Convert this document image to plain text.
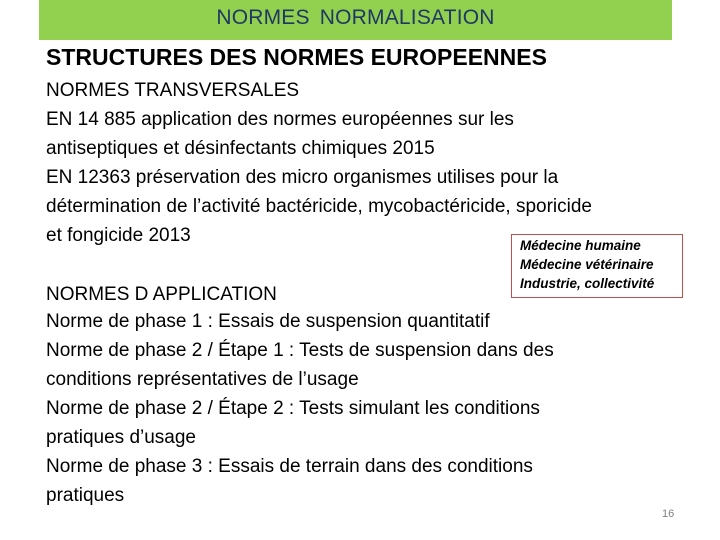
NORMES NORMALISATION
STRUCTURES DES NORMES EUROPEENNES
NORMES TRANSVERSALES
EN 14 885 application des normes européennes sur les
antiseptiques et désinfectants chimiques 2015
EN 12363 préservation des micro organismes utilises pour la
détermination de l’activité bactéricide, mycobactéricide, sporicide
et fongicide 2013	Médecine humaine
Médecine vétérinaire
Industrie, collectivité
NORMES D APPLICATION
Norme de phase 1 : Essais de suspension quantitatif
Norme de phase 2 / Étape 1 : Tests de suspension dans des
conditions représentatives de l’usage
Norme de phase 2 / Étape 2 : Tests simulant les conditions
pratiques d’usage
Norme de phase 3 : Essais de terrain dans des conditions
pratiques
16
